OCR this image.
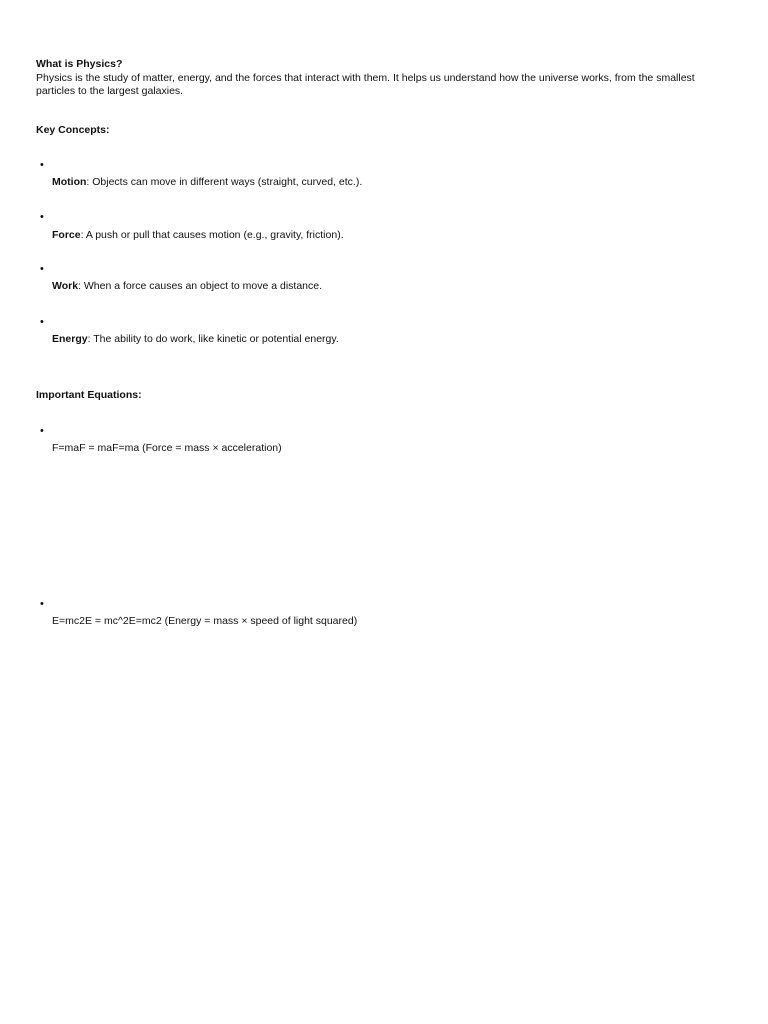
What is Physics?

Physics is the study of matter, energy, and the forces that interact with them. It helps us understand how the universe works, from the smallest particles to the largest galaxies.

Key Concepts:
•
Motion: Objects can move in different ways (straight, curved, etc.).
•
Force: A push or pull that causes motion (e.g., gravity, friction).
•
Work: When a force causes an object to move a distance.
•
Energy: The ability to do work, like kinetic or potential energy.
Important Equations:
•
F=maF = maF=ma (Force = mass × acceleration)
•
E=mc2E = mc^2E=mc2 (Energy = mass × speed of light squared)
